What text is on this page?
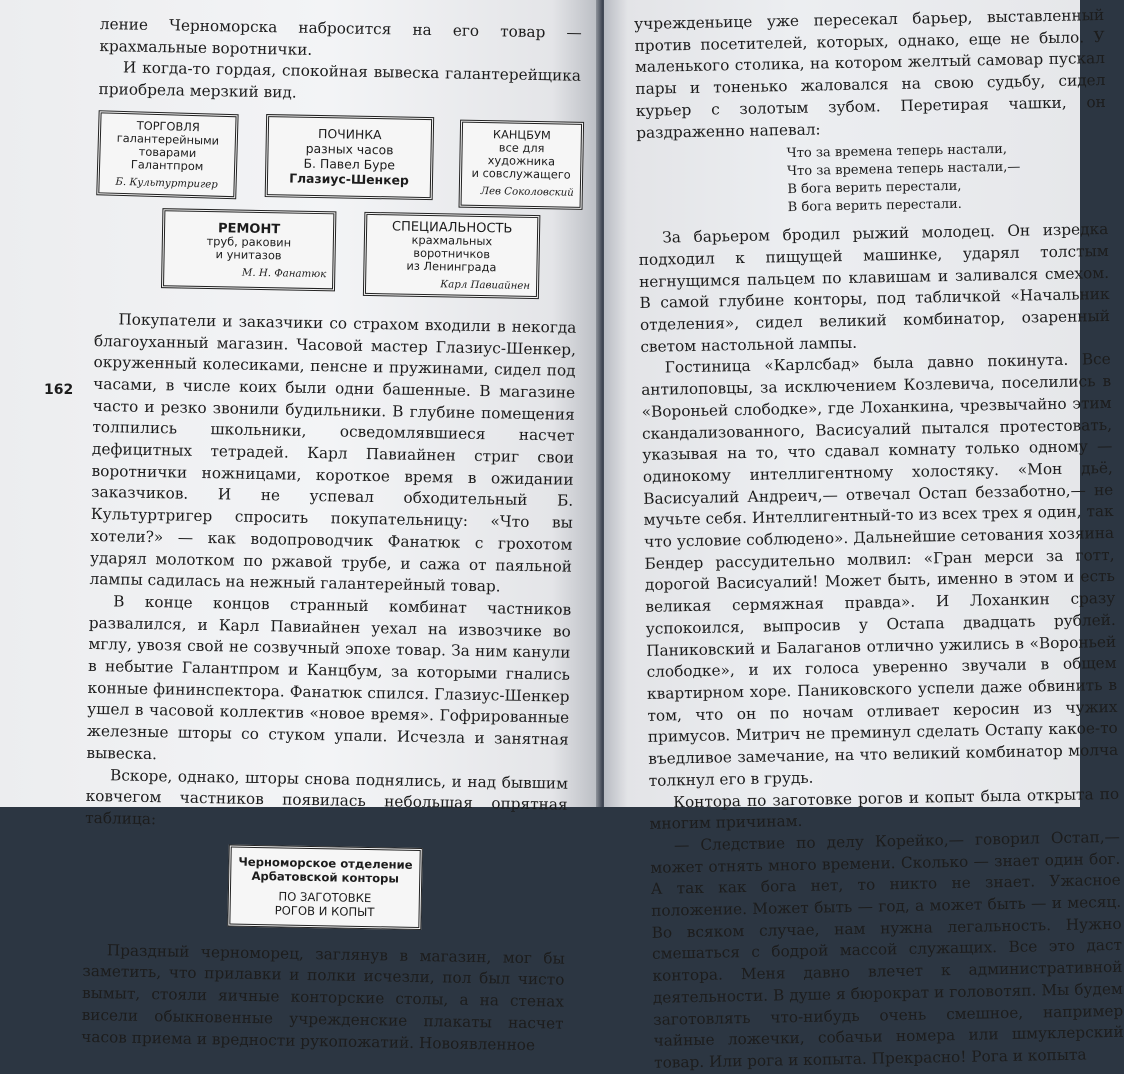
162

ление Черноморска набросится на его товар — крахмальные воротнички.

И когда-то гордая, спокойная вывеска галантерейщика приобрела мерзкий вид.

ТОРГОВЛЯ
галантерейными
товарами
Галантпром
Б. Культуртригер
ПОЧИНКА
разных часов
Б. Павел Буре
Глазиус-Шенкер
КАНЦБУМ
все для
художника
и совслужащего
Лев Соколовский
РЕМОНТ
труб, раковин
и унитазов
М. Н. Фанатюк
СПЕЦИАЛЬНОСТЬ
крахмальных
воротничков
из Ленинграда
Карл Павиайнен

Покупатели и заказчики со страхом входили в некогда благоуханный магазин. Часовой мастер Глазиус-Шенкер, окруженный колесиками, пенсне и пружинами, сидел под часами, в числе коих были одни башенные. В магазине часто и резко звонили будильники. В глубине помещения толпились школьники, осведомлявшиеся насчет дефицитных тетрадей. Карл Павиайнен стриг свои воротнички ножницами, короткое время в ожидании заказчиков. И не успевал обходительный Б. Культуртригер спросить покупательницу: «Что вы хотели?» — как водопроводчик Фанатюк с грохотом ударял молотком по ржавой трубе, и сажа от паяльной лампы садилась на нежный галантерейный товар.

В конце концов странный комбинат частников развалился, и Карл Павиайнен уехал на извозчике во мглу, увозя свой не созвучный эпохе товар. За ним канули в небытие Галантпром и Канцбум, за которыми гнались конные фининспектора. Фанатюк спился. Глазиус-Шенкер ушел в часовой коллектив «новое время». Гофрированные железные шторы со стуком упали. Исчезла и занятная вывеска.

Вскоре, однако, шторы снова поднялись, и над бывшим ковчегом частников появилась небольшая опрятная таблица:

Черноморское отделение
Арбатовской конторы
ПО ЗАГОТОВКЕ
РОГОВ И КОПЫТ

Праздный черноморец, заглянув в магазин, мог бы заметить, что прилавки и полки исчезли, пол был чисто вымыт, стояли яичные конторские столы, а на стенах висели обыкновенные учрежденские плакаты насчет часов приема и вредности рукопожатий. Новоявленное

учрежденьице уже пересекал барьер, выставленный против посетителей, которых, однако, еще не было. У маленького столика, на котором желтый самовар пускал пары и тоненько жаловался на свою судьбу, сидел курьер с золотым зубом. Перетирая чашки, он раздраженно напевал:

Что за времена теперь настали,
Что за времена теперь настали,—
В бога верить перестали,
В бога верить перестали.

За барьером бродил рыжий молодец. Он изредка подходил к пищущей машинке, ударял толстым негнущимся пальцем по клавишам и заливался смехом. В самой глубине конторы, под табличкой «Начальник отделения», сидел великий комбинатор, озаренный светом настольной лампы.

Гостиница «Карлсбад» была давно покинута. Все антилоповцы, за исключением Козлевича, поселились в «Вороньей слободке», где Лоханкина, чрезвычайно этим скандализованного, Васисуалий пытался протестовать, указывая на то, что сдавал комнату только одному — одинокому интеллигентному холостяку. «Мон дьё, Васисуалий Андреич,— отвечал Остап беззаботно,— не мучьте себя. Интеллигентный-то из всех трех я один, так что условие соблюдено». Дальнейшие сетования хозяина Бендер рассудительно молвил: «Гран мерси за готт, дорогой Васисуалий! Может быть, именно в этом и есть великая сермяжная правда». И Лоханкин сразу успокоился, выпросив у Остапа двадцать рублей. Паниковский и Балаганов отлично ужились в «Вороньей слободке», и их голоса уверенно звучали в общем квартирном хоре. Паниковского успели даже обвинить в том, что он по ночам отливает керосин из чужих примусов. Митрич не преминул сделать Остапу какое-то въедливое замечание, на что великий комбинатор молча толкнул его в грудь.

Контора по заготовке рогов и копыт была открыта по многим причинам.

— Следствие по делу Корейко,— говорил Остап,— может отнять много времени. Сколько — знает один бог. А так как бога нет, то никто не знает. Ужасное положение. Может быть — год, а может быть — и месяц. Во всяком случае, нам нужна легальность. Нужно смешаться с бодрой массой служащих. Все это даст контора. Меня давно влечет к административной деятельности. В душе я бюрократ и головотяп. Мы будем заготовлять что-нибудь очень смешное, например чайные ложечки, собачьи номера или шмуклерский товар. Или рога и копыта. Прекрасно! Рога и копыта
